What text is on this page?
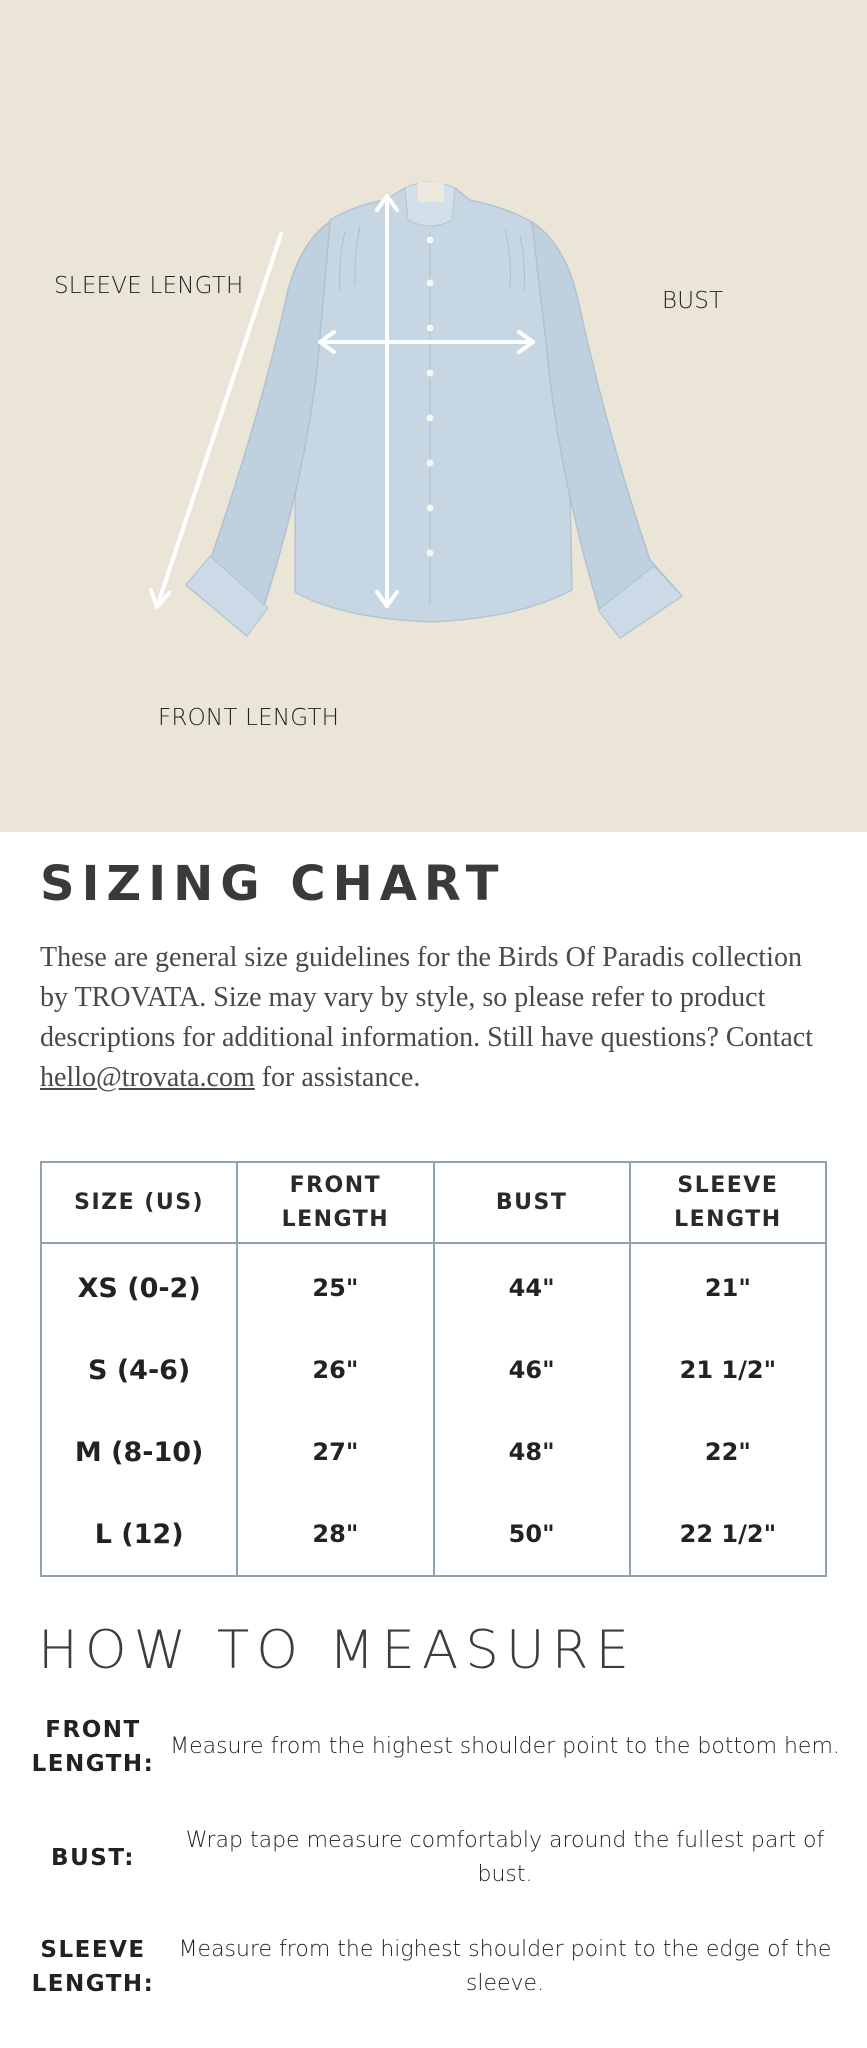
SLEEVE LENGTH
BUST
FRONT LENGTH
SIZING CHART

These are general size guidelines for the Birds Of Paradis collection by TROVATA. Size may vary by style, so please refer to product descriptions for additional information. Still have questions? Contact
hello@trovata.com for assistance.

SIZE (US)	FRONT LENGTH	BUST	SLEEVE LENGTH
XS (0-2)	25"	44"	21"
S (4-6)	26"	46"	21 1/2"
M (8-10)	27"	48"	22"
L (12)	28"	50"	22 1/2"
HOW TO MEASURE
FRONT LENGTH:
Measure from the highest shoulder point to the bottom hem.
BUST:
Wrap tape measure comfortably around the fullest part of bust.
SLEEVE LENGTH:
Measure from the highest shoulder point to the edge of the sleeve.
